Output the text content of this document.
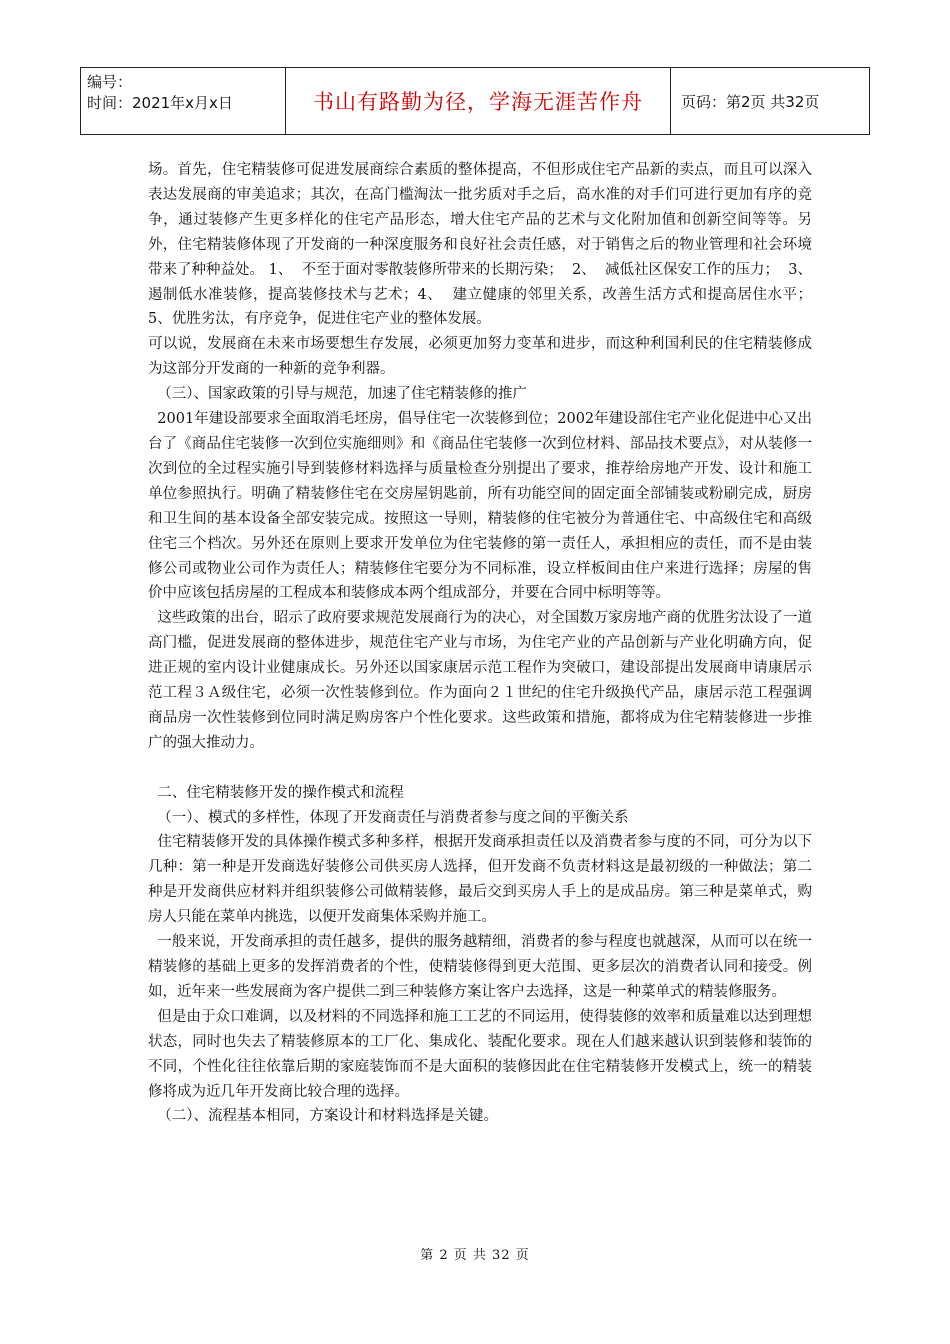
编号：
时间：2021年x月x日	书山有路勤为径，学海无涯苦作舟	页码：第2页 共32页

场。首先，住宅精装修可促进发展商综合素质的整体提高，不但形成住宅产品新的卖点，而且可以深入表达发展商的审美追求；其次，在高门槛淘汰一批劣质对手之后，高水准的对手们可进行更加有序的竞争，通过装修产生更多样化的住宅产品形态，增大住宅产品的艺术与文化附加值和创新空间等等。另外，住宅精装修体现了开发商的一种深度服务和良好社会责任感，对于销售之后的物业管理和社会环境带来了种种益处。 1、  不至于面对零散装修所带来的长期污染；  2、  减低社区保安工作的压力；  3、  遏制低水准装修，提高装修技术与艺术；4、  建立健康的邻里关系，改善生活方式和提高居住水平；  5、优胜劣汰，有序竞争，促进住宅产业的整体发展。

可以说，发展商在未来市场要想生存发展，必须更加努力变革和进步，而这种利国利民的住宅精装修成为这部分开发商的一种新的竞争利器。

（三）、国家政策的引导与规范，加速了住宅精装修的推广

2001年建设部要求全面取消毛坯房，倡导住宅一次装修到位；2002年建设部住宅产业化促进中心又出台了《商品住宅装修一次到位实施细则》和《商品住宅装修一次到位材料、部品技术要点》，对从装修一次到位的全过程实施引导到装修材料选择与质量检查分别提出了要求，推荐给房地产开发、设计和施工单位参照执行。明确了精装修住宅在交房屋钥匙前，所有功能空间的固定面全部铺装或粉刷完成，厨房和卫生间的基本设备全部安装完成。按照这一导则，精装修的住宅被分为普通住宅、中高级住宅和高级住宅三个档次。另外还在原则上要求开发单位为住宅装修的第一责任人，承担相应的责任，而不是由装修公司或物业公司作为责任人；精装修住宅要分为不同标准，设立样板间由住户来进行选择；房屋的售价中应该包括房屋的工程成本和装修成本两个组成部分，并要在合同中标明等等。

这些政策的出台，昭示了政府要求规范发展商行为的决心，对全国数万家房地产商的优胜劣汰设了一道高门槛，促进发展商的整体进步，规范住宅产业与市场，为住宅产业的产品创新与产业化明确方向，促进正规的室内设计业健康成长。另外还以国家康居示范工程作为突破口，建设部提出发展商申请康居示范工程３Ａ级住宅，必须一次性装修到位。作为面向２１世纪的住宅升级换代产品，康居示范工程强调商品房一次性装修到位同时满足购房客户个性化要求。这些政策和措施，都将成为住宅精装修进一步推广的强大推动力。

二、住宅精装修开发的操作模式和流程

（一）、模式的多样性，体现了开发商责任与消费者参与度之间的平衡关系

住宅精装修开发的具体操作模式多种多样，根据开发商承担责任以及消费者参与度的不同，可分为以下几种：第一种是开发商选好装修公司供买房人选择，但开发商不负责材料这是最初级的一种做法；第二种是开发商供应材料并组织装修公司做精装修，最后交到买房人手上的是成品房。第三种是菜单式，购房人只能在菜单内挑选，以便开发商集体采购并施工。

一般来说，开发商承担的责任越多，提供的服务越精细，消费者的参与程度也就越深，从而可以在统一精装修的基础上更多的发挥消费者的个性，使精装修得到更大范围、更多层次的消费者认同和接受。例如，近年来一些发展商为客户提供二到三种装修方案让客户去选择，这是一种菜单式的精装修服务。

但是由于众口难调，以及材料的不同选择和施工工艺的不同运用，使得装修的效率和质量难以达到理想状态，同时也失去了精装修原本的工厂化、集成化、装配化要求。现在人们越来越认识到装修和装饰的不同，个性化往往依靠后期的家庭装饰而不是大面积的装修因此在住宅精装修开发模式上，统一的精装修将成为近几年开发商比较合理的选择。

（二）、流程基本相同，方案设计和材料选择是关键。

第 2 页 共 32 页
